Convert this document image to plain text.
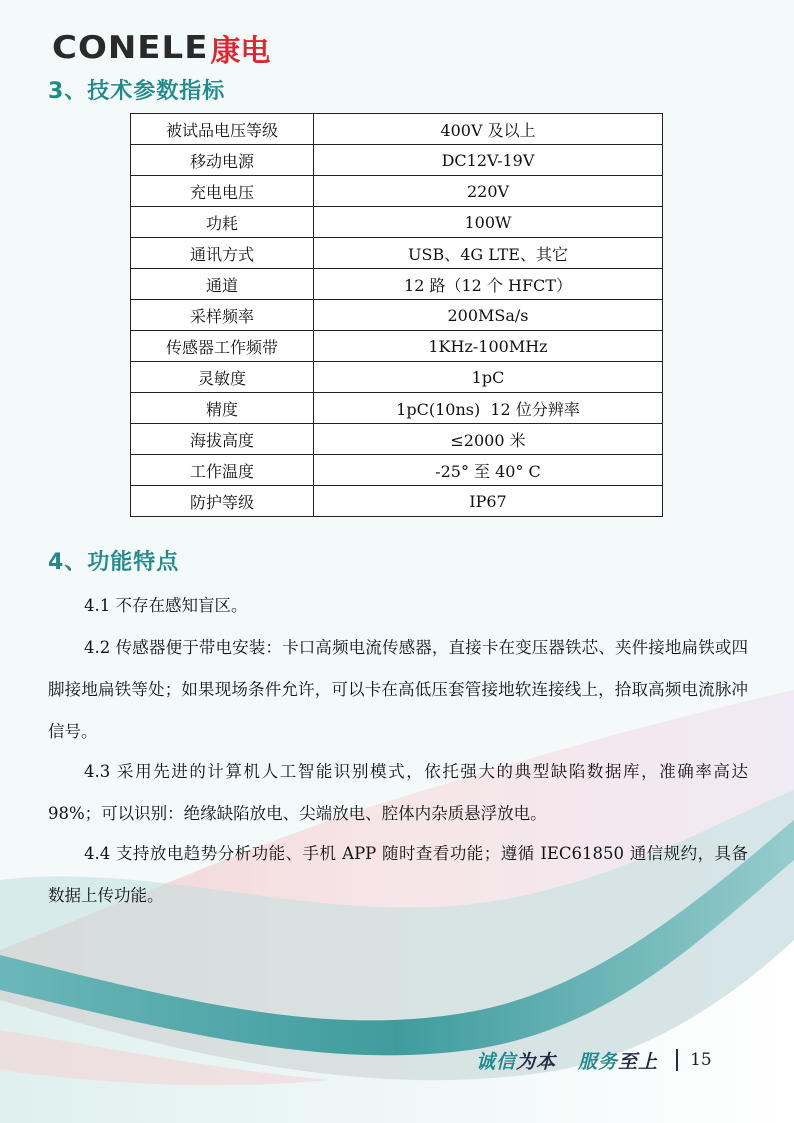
CONELE 康电
3、技术参数指标
被试品电压等级	400V 及以上
移动电源	DC12V-19V
充电电压	220V
功耗	100W
通讯方式	USB、4G LTE、其它
通道	12 路（12 个 HFCT）
采样频率	200MSa/s
传感器工作频带	1KHz-100MHz
灵敏度	1pC
精度	1pC(10ns)  12 位分辨率
海拔高度	≤2000 米
工作温度	-25° 至 40° C
防护等级	IP67
4、功能特点
4.1 不存在感知盲区。
4.2 传感器便于带电安装：卡口高频电流传感器，直接卡在变压器铁芯、夹件接地扁铁或四脚接地扁铁等处；如果现场条件允许，可以卡在高低压套管接地软连接线上，拾取高频电流脉冲信号。
4.3 采用先进的计算机人工智能识别模式，依托强大的典型缺陷数据库，准确率高达 98%；可以识别：绝缘缺陷放电、尖端放电、腔体内杂质悬浮放电。
4.4 支持放电趋势分析功能、手机 APP 随时查看功能；遵循 IEC61850 通信规约，具备数据上传功能。
诚信为本 服务至上 15
